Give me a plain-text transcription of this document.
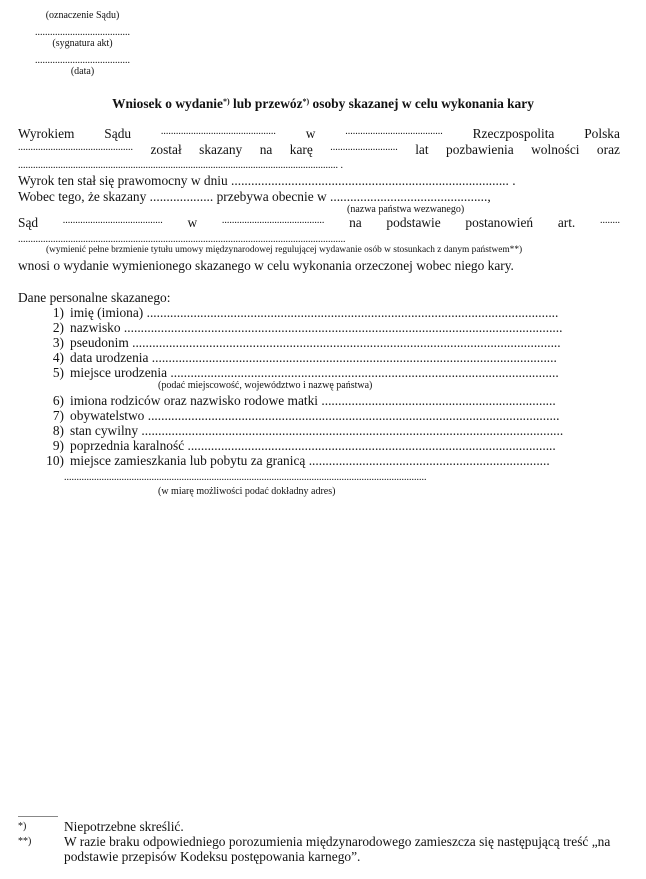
(oznaczenie Sądu)
......................................
(sygnatura akt)
......................................
(data)
Wniosek o wydanie*) lub przewóz*) osoby skazanej w celu wykonania kary
Wyrokiem Sądu	.............................................. w	....................................... Rzeczpospolita Polska
.............................................. został skazany na karę ........................... lat pozbawienia wolności oraz
................................................................................................................................ .
Wyrok ten stał się prawomocny w dniu ................................................................................... .
Wobec tego, że skazany ................... przebywa obecnie w ...............................................,
(nazwa państwa wezwanego)
Sąd ........................................ w ......................................... na podstawie postanowień art. ........
...................................................................................................................................
(wymienić pełne brzmienie tytułu umowy międzynarodowej regulującej wydawanie osób w stosunkach z danym państwem**)
wnosi o wydanie wymienionego skazanego w celu wykonania orzeczonej wobec niego kary.
Dane personalne skazanego:
1) imię (imiona) ...........................................................................................................................
2) nazwisko ...................................................................................................................................
3) pseudonim ................................................................................................................................
4) data urodzenia .........................................................................................................................
5) miejsce urodzenia ....................................................................................................................
(podać miejscowość, województwo i nazwę państwa)
6) imiona rodziców oraz nazwisko rodowe matki ......................................................................
7) obywatelstwo ...........................................................................................................................
8) stan cywilny ..............................................................................................................................
9) poprzednia karalność ..............................................................................................................
10) miejsce zamieszkania lub pobytu za granicą ........................................................................
.................................................................................................................................................
(w miarę możliwości podać dokładny adres)
*)	Niepotrzebne skreślić.
**) W razie braku odpowiedniego porozumienia międzynarodowego zamieszcza się następującą treść „na
podstawie przepisów Kodeksu postępowania karnego”.
